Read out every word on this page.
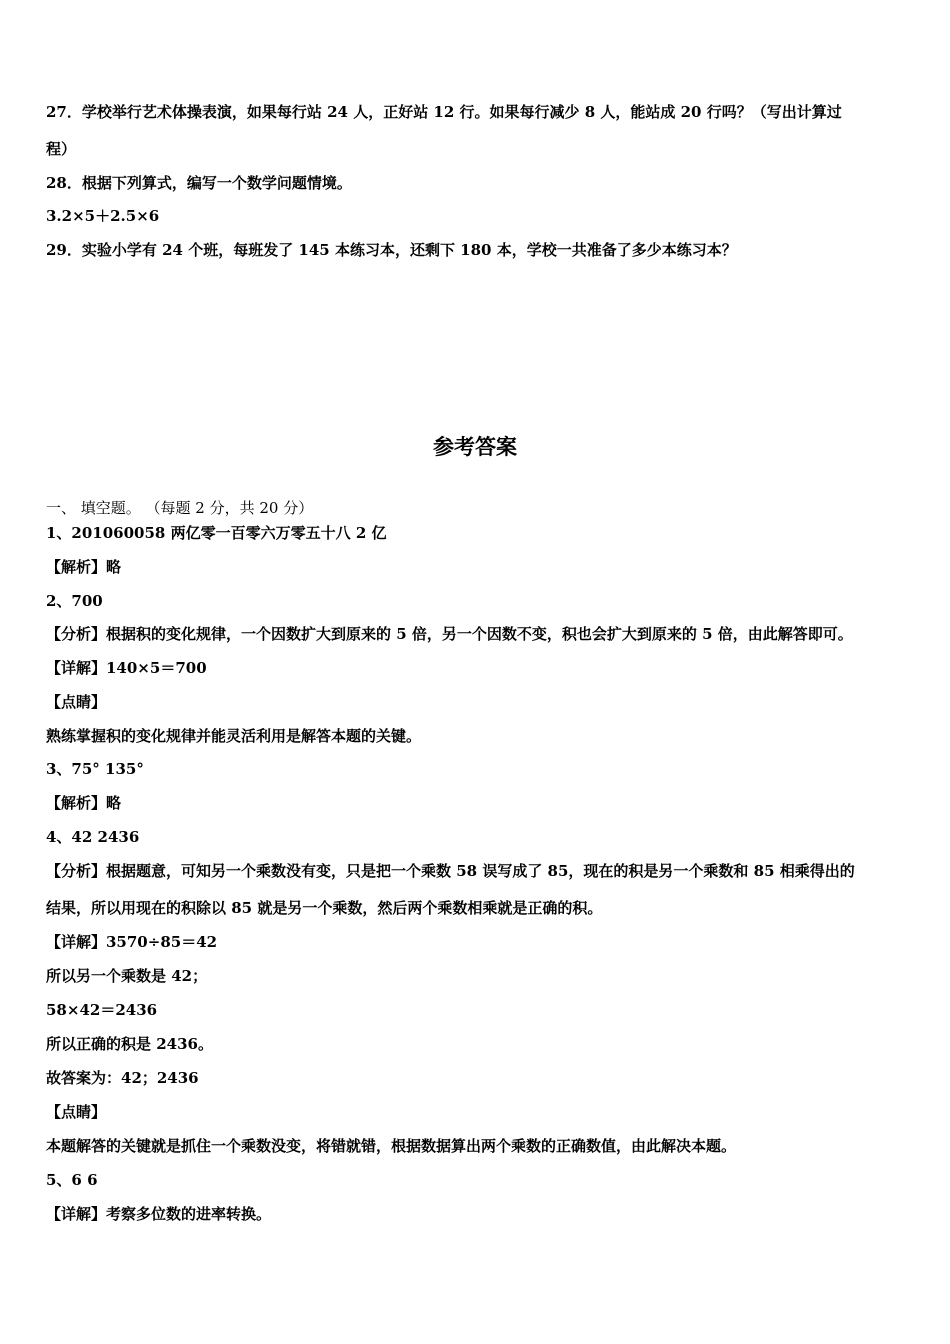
27．学校举行艺术体操表演，如果每行站 24 人，正好站 12 行。如果每行减少 8 人，能站成 20 行吗？（写出计算过
程）
28．根据下列算式，编写一个数学问题情境。
3.2×5＋2.5×6
29．实验小学有 24 个班，每班发了 145 本练习本，还剩下 180 本，学校一共准备了多少本练习本？
参考答案
一、 填空题。 （每题 2 分，共 20 分）
1、201060058 两亿零一百零六万零五十八 2 亿
【解析】略
2、700
【分析】根据积的变化规律，一个因数扩大到原来的 5 倍，另一个因数不变，积也会扩大到原来的 5 倍，由此解答即可。
【详解】140×5＝700
【点睛】
熟练掌握积的变化规律并能灵活利用是解答本题的关键。
3、75° 135°
【解析】略
4、42 2436
【分析】根据题意，可知另一个乘数没有变，只是把一个乘数 58 误写成了 85，现在的积是另一个乘数和 85 相乘得出的
结果，所以用现在的积除以 85 就是另一个乘数，然后两个乘数相乘就是正确的积。
【详解】3570÷85＝42
所以另一个乘数是 42；
58×42＝2436
所以正确的积是 2436。
故答案为：42；2436
【点睛】
本题解答的关键就是抓住一个乘数没变，将错就错，根据数据算出两个乘数的正确数值，由此解决本题。
5、6 6
【详解】考察多位数的进率转换。
